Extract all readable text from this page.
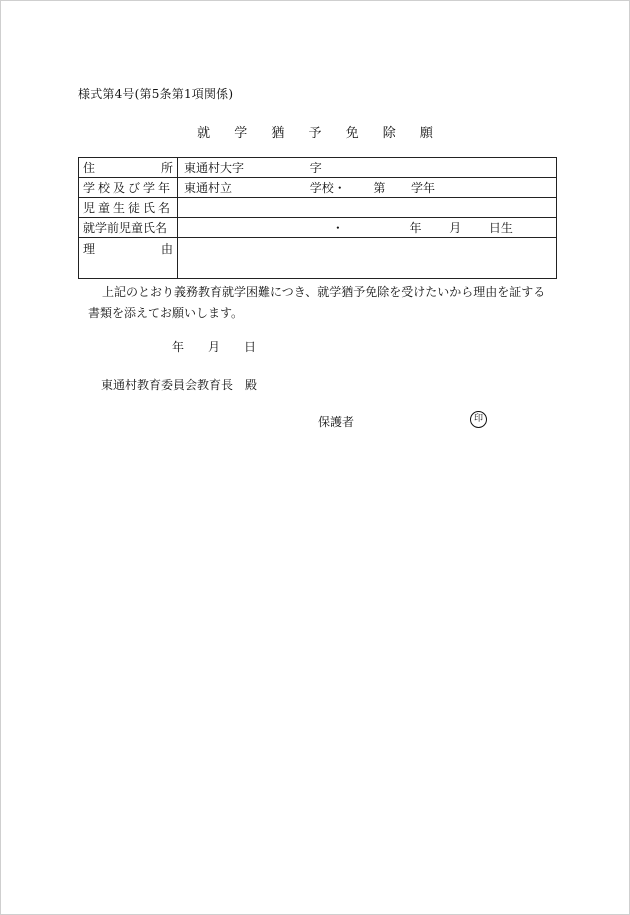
様式第4号(第5条第1項関係)
就 学 猶 予 免 除 願
住 所	東通村大字 字
学校及び学年	東通村立 学校・ 第 学年
児童生徒氏名	
就学前児童氏名	・ 年 月 日生

理 由	

上記のとおり義務教育就学困難につき、就学猶予免除を受けたいから理由を証する書類を添えてお願いします。
年 月 日
東通村教育委員会教育長　殿
保護者	印
